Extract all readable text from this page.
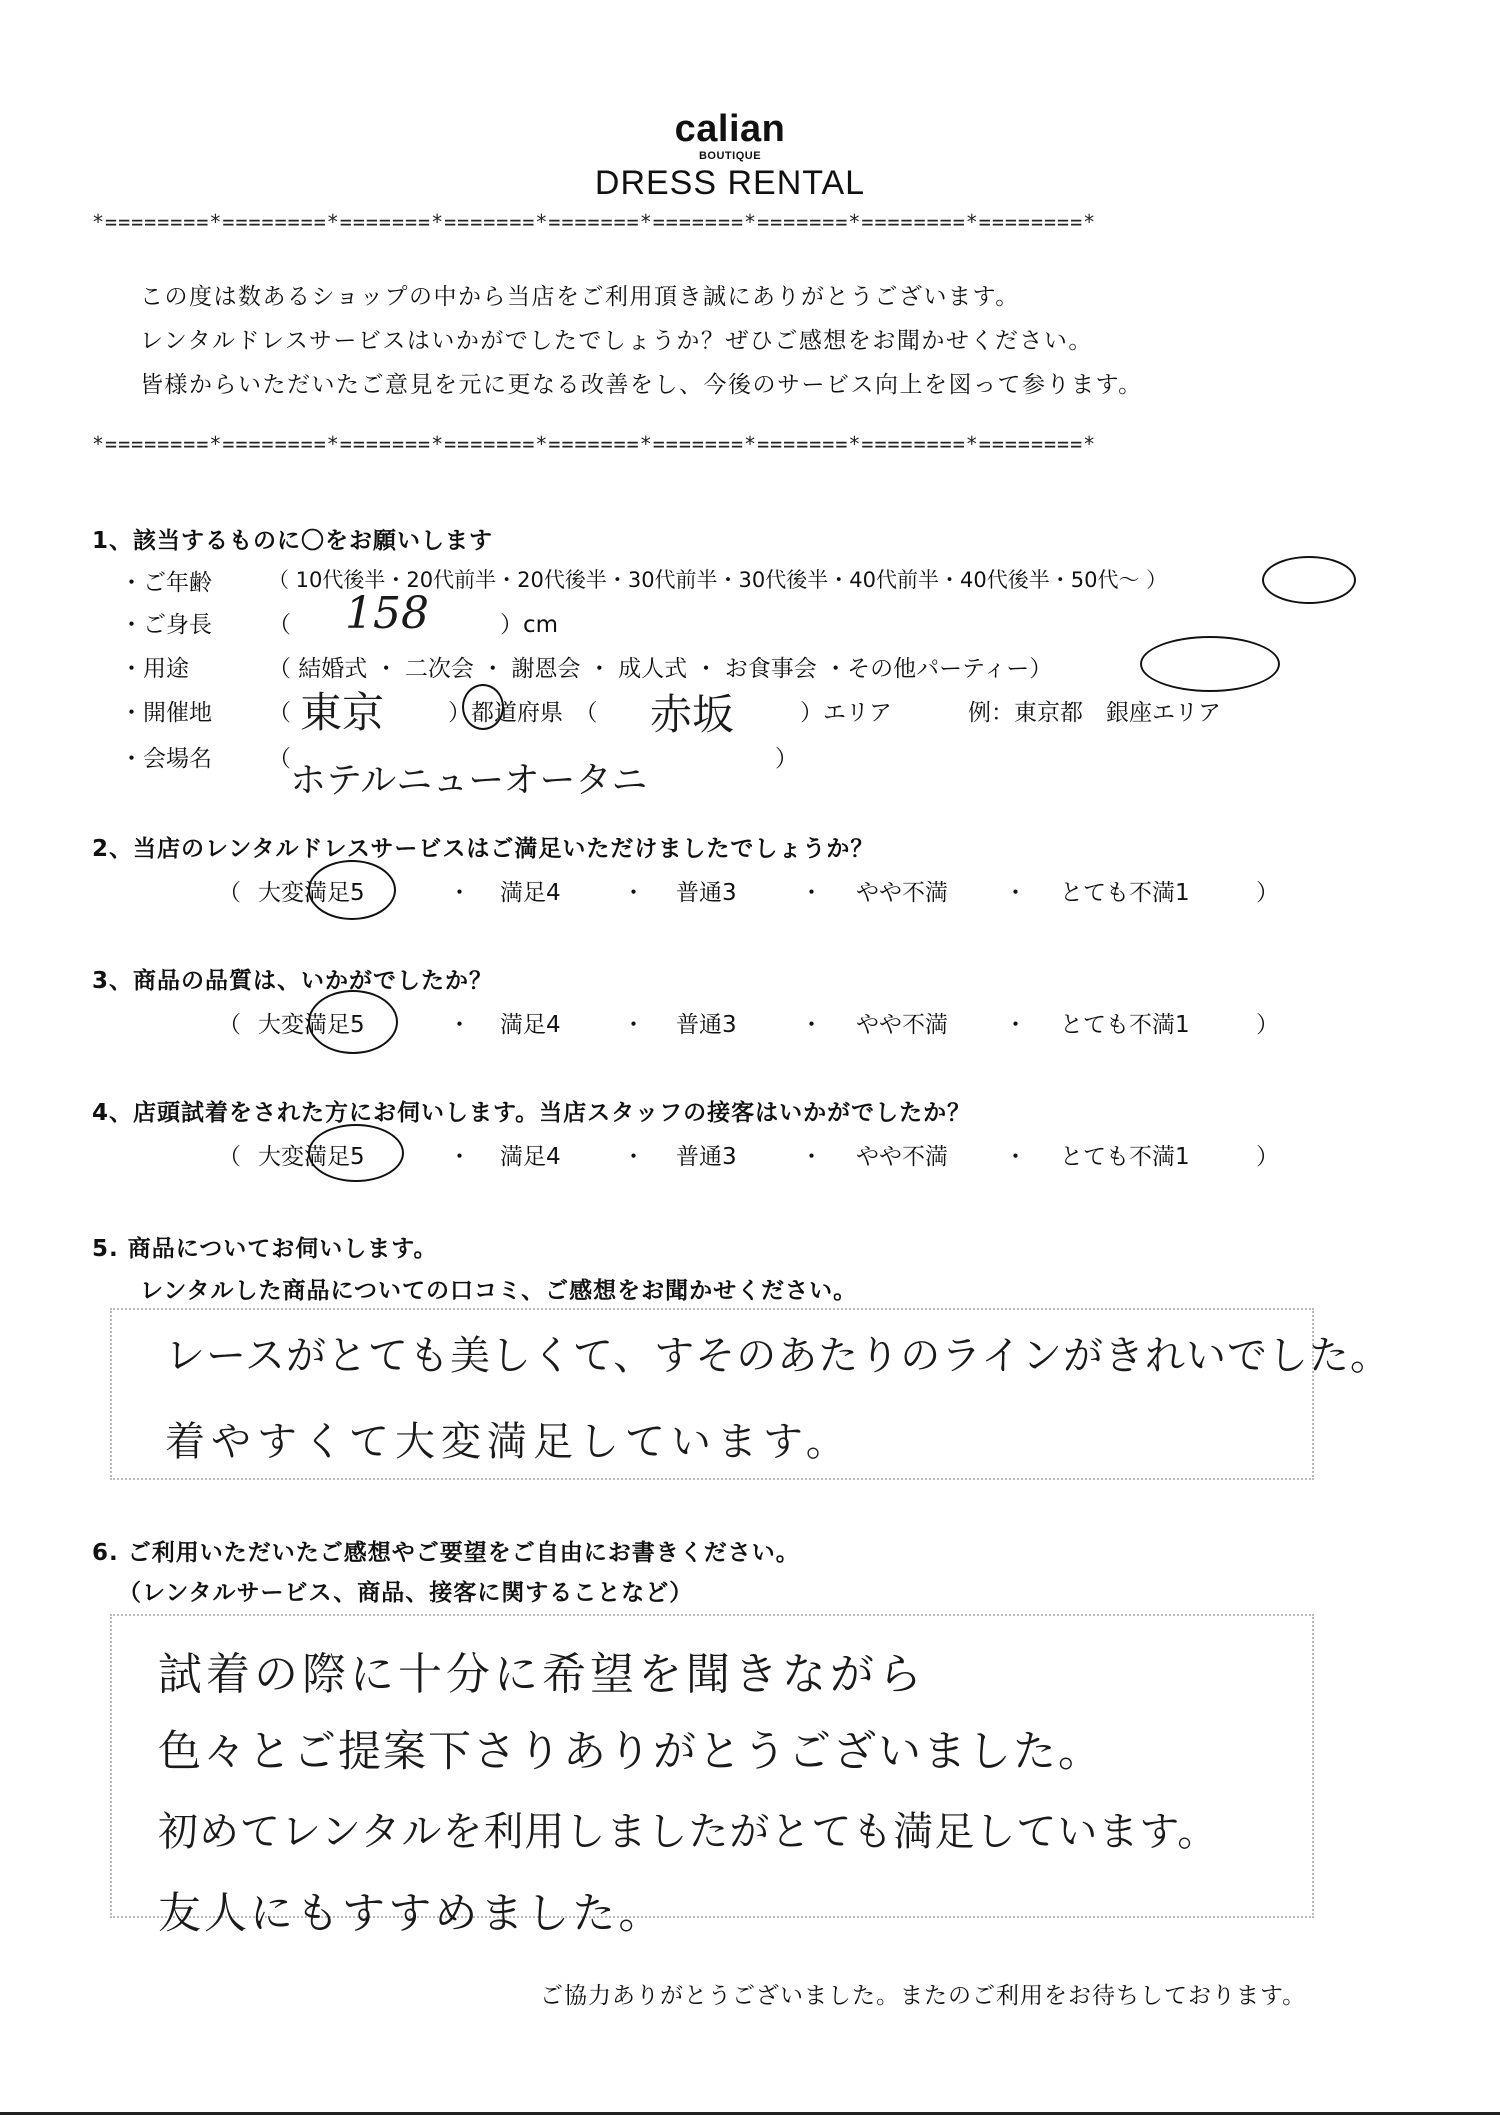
calian
BOUTIQUE
DRESS RENTAL
*========*========*=======*=======*=======*=======*=======*========*========*
この度は数あるショップの中から当店をご利用頂き誠にありがとうございます。
レンタルドレスサービスはいかがでしたでしょうか？ぜひご感想をお聞かせください。
皆様からいただいたご意見を元に更なる改善をし、今後のサービス向上を図って参ります。
*========*========*=======*=======*=======*=======*=======*========*========*
1、該当するものに〇をお願いします
・ご年齢	（ 10代後半・20代前半・20代後半・30代前半・30代後半・40代前半・40代後半・50代～ ）
・ご身長 （ 158	）cm
・用途	（ 結婚式 ・ 二次会 ・ 謝恩会 ・ 成人式 ・ お食事会 ・その他パーティー）
・開催地 （ 東京	）都道府県　（ 赤坂	）エリア	例：東京都　銀座エリア
・会場名 （
ホテルニューオータニ
）
2、当店のレンタルドレスサービスはご満足いただけましたでしょうか？
（ 大変満足5	・ 満足4	・ 普通3	・ やや不満 ・ とても不満1	）
3、商品の品質は、いかがでしたか？
（ 大変満足5	・ 満足4	・ 普通3	・ やや不満 ・ とても不満1	）
4、店頭試着をされた方にお伺いします。当店スタッフの接客はいかがでしたか？
（ 大変満足5	・ 満足4	・ 普通3	・ やや不満 ・ とても不満1	）
5. 商品についてお伺いします。
レンタルした商品についての口コミ、ご感想をお聞かせください。
レースがとても美しくて、すそのあたりのラインがきれいでした。
着やすくて大変満足しています。
6. ご利用いただいたご感想やご要望をご自由にお書きください。
（レンタルサービス、商品、接客に関することなど）
試着の際に十分に希望を聞きながら
色々とご提案下さりありがとうございました。
初めてレンタルを利用しましたがとても満足しています。
友人にもすすめました。
ご協力ありがとうございました。またのご利用をお待ちしております。
